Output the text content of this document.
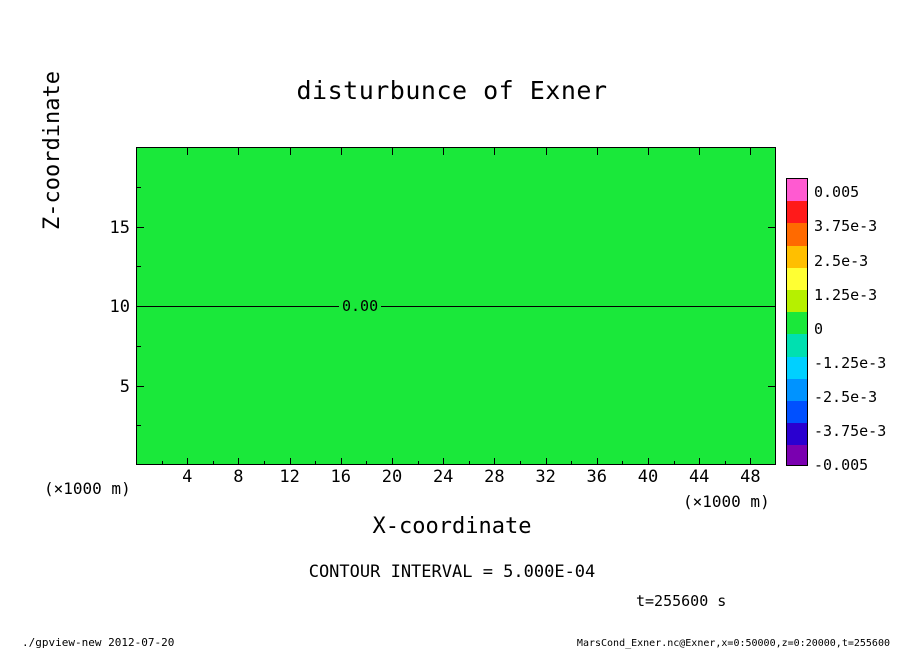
disturbunce of Exner
0.00
4	8	12	16	20	24	28	32	36	40	44	48
5
10
15
Z-coordinate
X-coordinate
(×1000 m)
(×1000 m)
0.005
3.75e-3
2.5e-3
1.25e-3
0
-1.25e-3
-2.5e-3
-3.75e-3
-0.005
CONTOUR INTERVAL = 5.000E-04
t=255600 s
./gpview-new 2012-07-20	MarsCond_Exner.nc@Exner,x=0:50000,z=0:20000,t=255600
